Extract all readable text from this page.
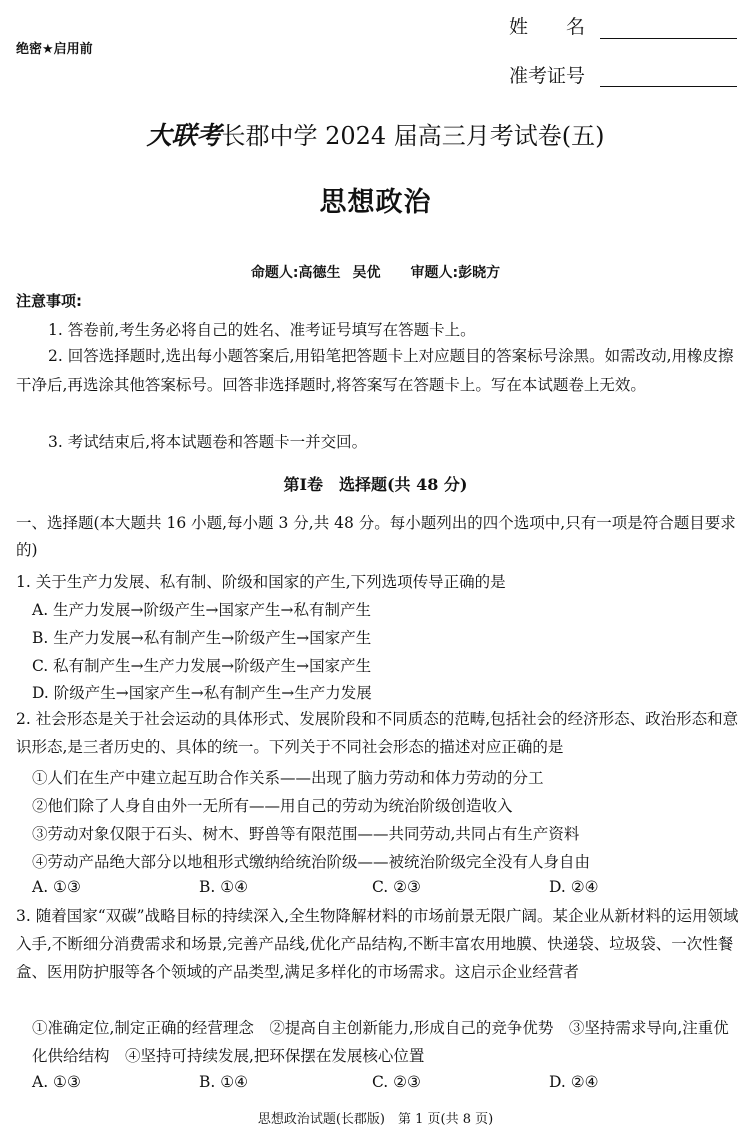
绝密★启用前
姓　　名
准考证号
大联考长郡中学 2024 届高三月考试卷(五)
思想政治
命题人:高德生 吴优 审题人:彭晓方
注意事项:
1. 答卷前,考生务必将自己的姓名、准考证号填写在答题卡上。
2. 回答选择题时,选出每小题答案后,用铅笔把答题卡上对应题目的答案标号涂黑。如需改动,用橡皮擦干净后,再选涂其他答案标号。回答非选择题时,将答案写在答题卡上。写在本试题卷上无效。
3. 考试结束后,将本试题卷和答题卡一并交回。
第Ⅰ卷　选择题(共 48 分)
一、选择题(本大题共 16 小题,每小题 3 分,共 48 分。每小题列出的四个选项中,只有一项是符合题目要求的)
1. 关于生产力发展、私有制、阶级和国家的产生,下列选项传导正确的是
A. 生产力发展→阶级产生→国家产生→私有制产生
B. 生产力发展→私有制产生→阶级产生→国家产生
C. 私有制产生→生产力发展→阶级产生→国家产生
D. 阶级产生→国家产生→私有制产生→生产力发展
2. 社会形态是关于社会运动的具体形式、发展阶段和不同质态的范畴,包括社会的经济形态、政治形态和意识形态,是三者历史的、具体的统一。下列关于不同社会形态的描述对应正确的是
①人们在生产中建立起互助合作关系——出现了脑力劳动和体力劳动的分工
②他们除了人身自由外一无所有——用自己的劳动为统治阶级创造收入
③劳动对象仅限于石头、树木、野兽等有限范围——共同劳动,共同占有生产资料
④劳动产品绝大部分以地租形式缴纳给统治阶级——被统治阶级完全没有人身自由
A. ①③	B. ①④	C. ②③	D. ②④
3. 随着国家“双碳”战略目标的持续深入,全生物降解材料的市场前景无限广阔。某企业从新材料的运用领域入手,不断细分消费需求和场景,完善产品线,优化产品结构,不断丰富农用地膜、快递袋、垃圾袋、一次性餐盒、医用防护服等各个领域的产品类型,满足多样化的市场需求。这启示企业经营者
①准确定位,制定正确的经营理念　②提高自主创新能力,形成自己的竞争优势　③坚持需求导向,注重优化供给结构　④坚持可持续发展,把环保摆在发展核心位置
A. ①③	B. ①④	C. ②③	D. ②④
思想政治试题(长郡版)　第 1 页(共 8 页)
